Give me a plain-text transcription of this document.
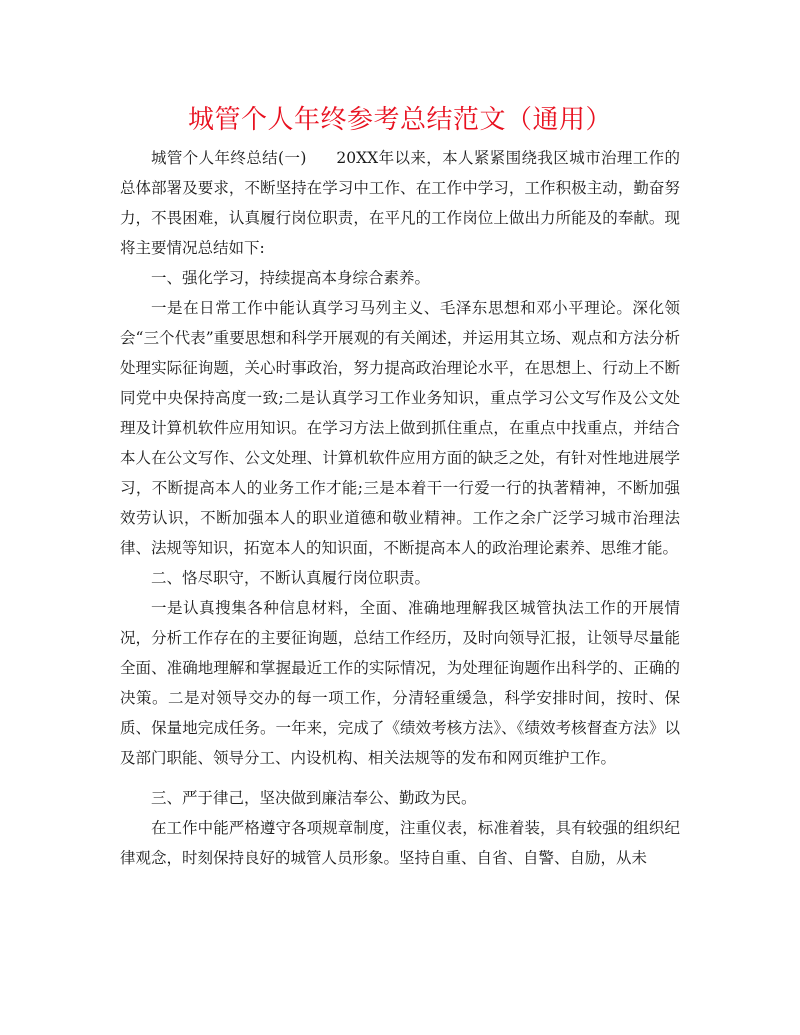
城管个人年终参考总结范文（通用）

城管个人年终总结(一) 20XX年以来，本人紧紧围绕我区城市治理工作的总体部署及要求，不断坚持在学习中工作、在工作中学习，工作积极主动，勤奋努力，不畏困难，认真履行岗位职责，在平凡的工作岗位上做出力所能及的奉献。现将主要情况总结如下:

一、强化学习，持续提高本身综合素养。

一是在日常工作中能认真学习马列主义、毛泽东思想和邓小平理论。深化领会“三个代表”重要思想和科学开展观的有关阐述，并运用其立场、观点和方法分析处理实际征询题，关心时事政治，努力提高政治理论水平，在思想上、行动上不断同党中央保持高度一致;二是认真学习工作业务知识，重点学习公文写作及公文处理及计算机软件应用知识。在学习方法上做到抓住重点，在重点中找重点，并结合本人在公文写作、公文处理、计算机软件应用方面的缺乏之处，有针对性地进展学习，不断提高本人的业务工作才能;三是本着干一行爱一行的执著精神，不断加强效劳认识，不断加强本人的职业道德和敬业精神。工作之余广泛学习城市治理法律、法规等知识，拓宽本人的知识面，不断提高本人的政治理论素养、思维才能。

二、恪尽职守，不断认真履行岗位职责。

一是认真搜集各种信息材料，全面、准确地理解我区城管执法工作的开展情况，分析工作存在的主要征询题，总结工作经历，及时向领导汇报，让领导尽量能全面、准确地理解和掌握最近工作的实际情况，为处理征询题作出科学的、正确的决策。二是对领导交办的每一项工作，分清轻重缓急，科学安排时间，按时、保质、保量地完成任务。一年来，完成了《绩效考核方法》、《绩效考核督查方法》以及部门职能、领导分工、内设机构、相关法规等的发布和网页维护工作。

三、严于律己，坚决做到廉洁奉公、勤政为民。

在工作中能严格遵守各项规章制度，注重仪表，标准着装，具有较强的组织纪律观念，时刻保持良好的城管人员形象。坚持自重、自省、自警、自励，从未
